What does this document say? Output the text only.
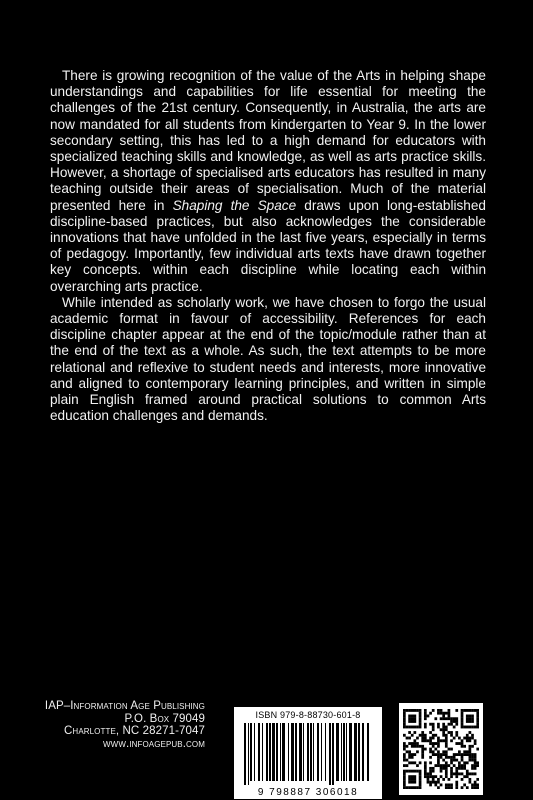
There is growing recognition of the value of the Arts in helping shape understandings and capabilities for life essential for meeting the challenges of the 21st century. Consequently, in Australia, the arts are now mandated for all students from kindergarten to Year 9. In the lower secondary setting, this has led to a high demand for educators with specialized teaching skills and knowledge, as well as arts practice skills. However, a shortage of specialised arts educators has resulted in many teaching outside their areas of specialisation. Much of the material presented here in Shaping the Space draws upon long-established discipline-based practices, but also acknowledges the considerable innovations that have unfolded in the last five years, especially in terms of pedagogy. Importantly, few individual arts texts have drawn together key concepts. within each discipline while locating each within overarching arts practice.

While intended as scholarly work, we have chosen to forgo the usual academic format in favour of accessibility. References for each discipline chapter appear at the end of the topic/module rather than at the end of the text as a whole. As such, the text attempts to be more relational and reflexive to student needs and interests, more innovative and aligned to contemporary learning principles, and written in simple plain English framed around practical solutions to common Arts education challenges and demands.

IAP–Information Age Publishing
P.O. Box 79049
Charlotte, NC 28271-7047
www.infoagepub.com
ISBN 979-8-88730-601-8
9 798887 306018
